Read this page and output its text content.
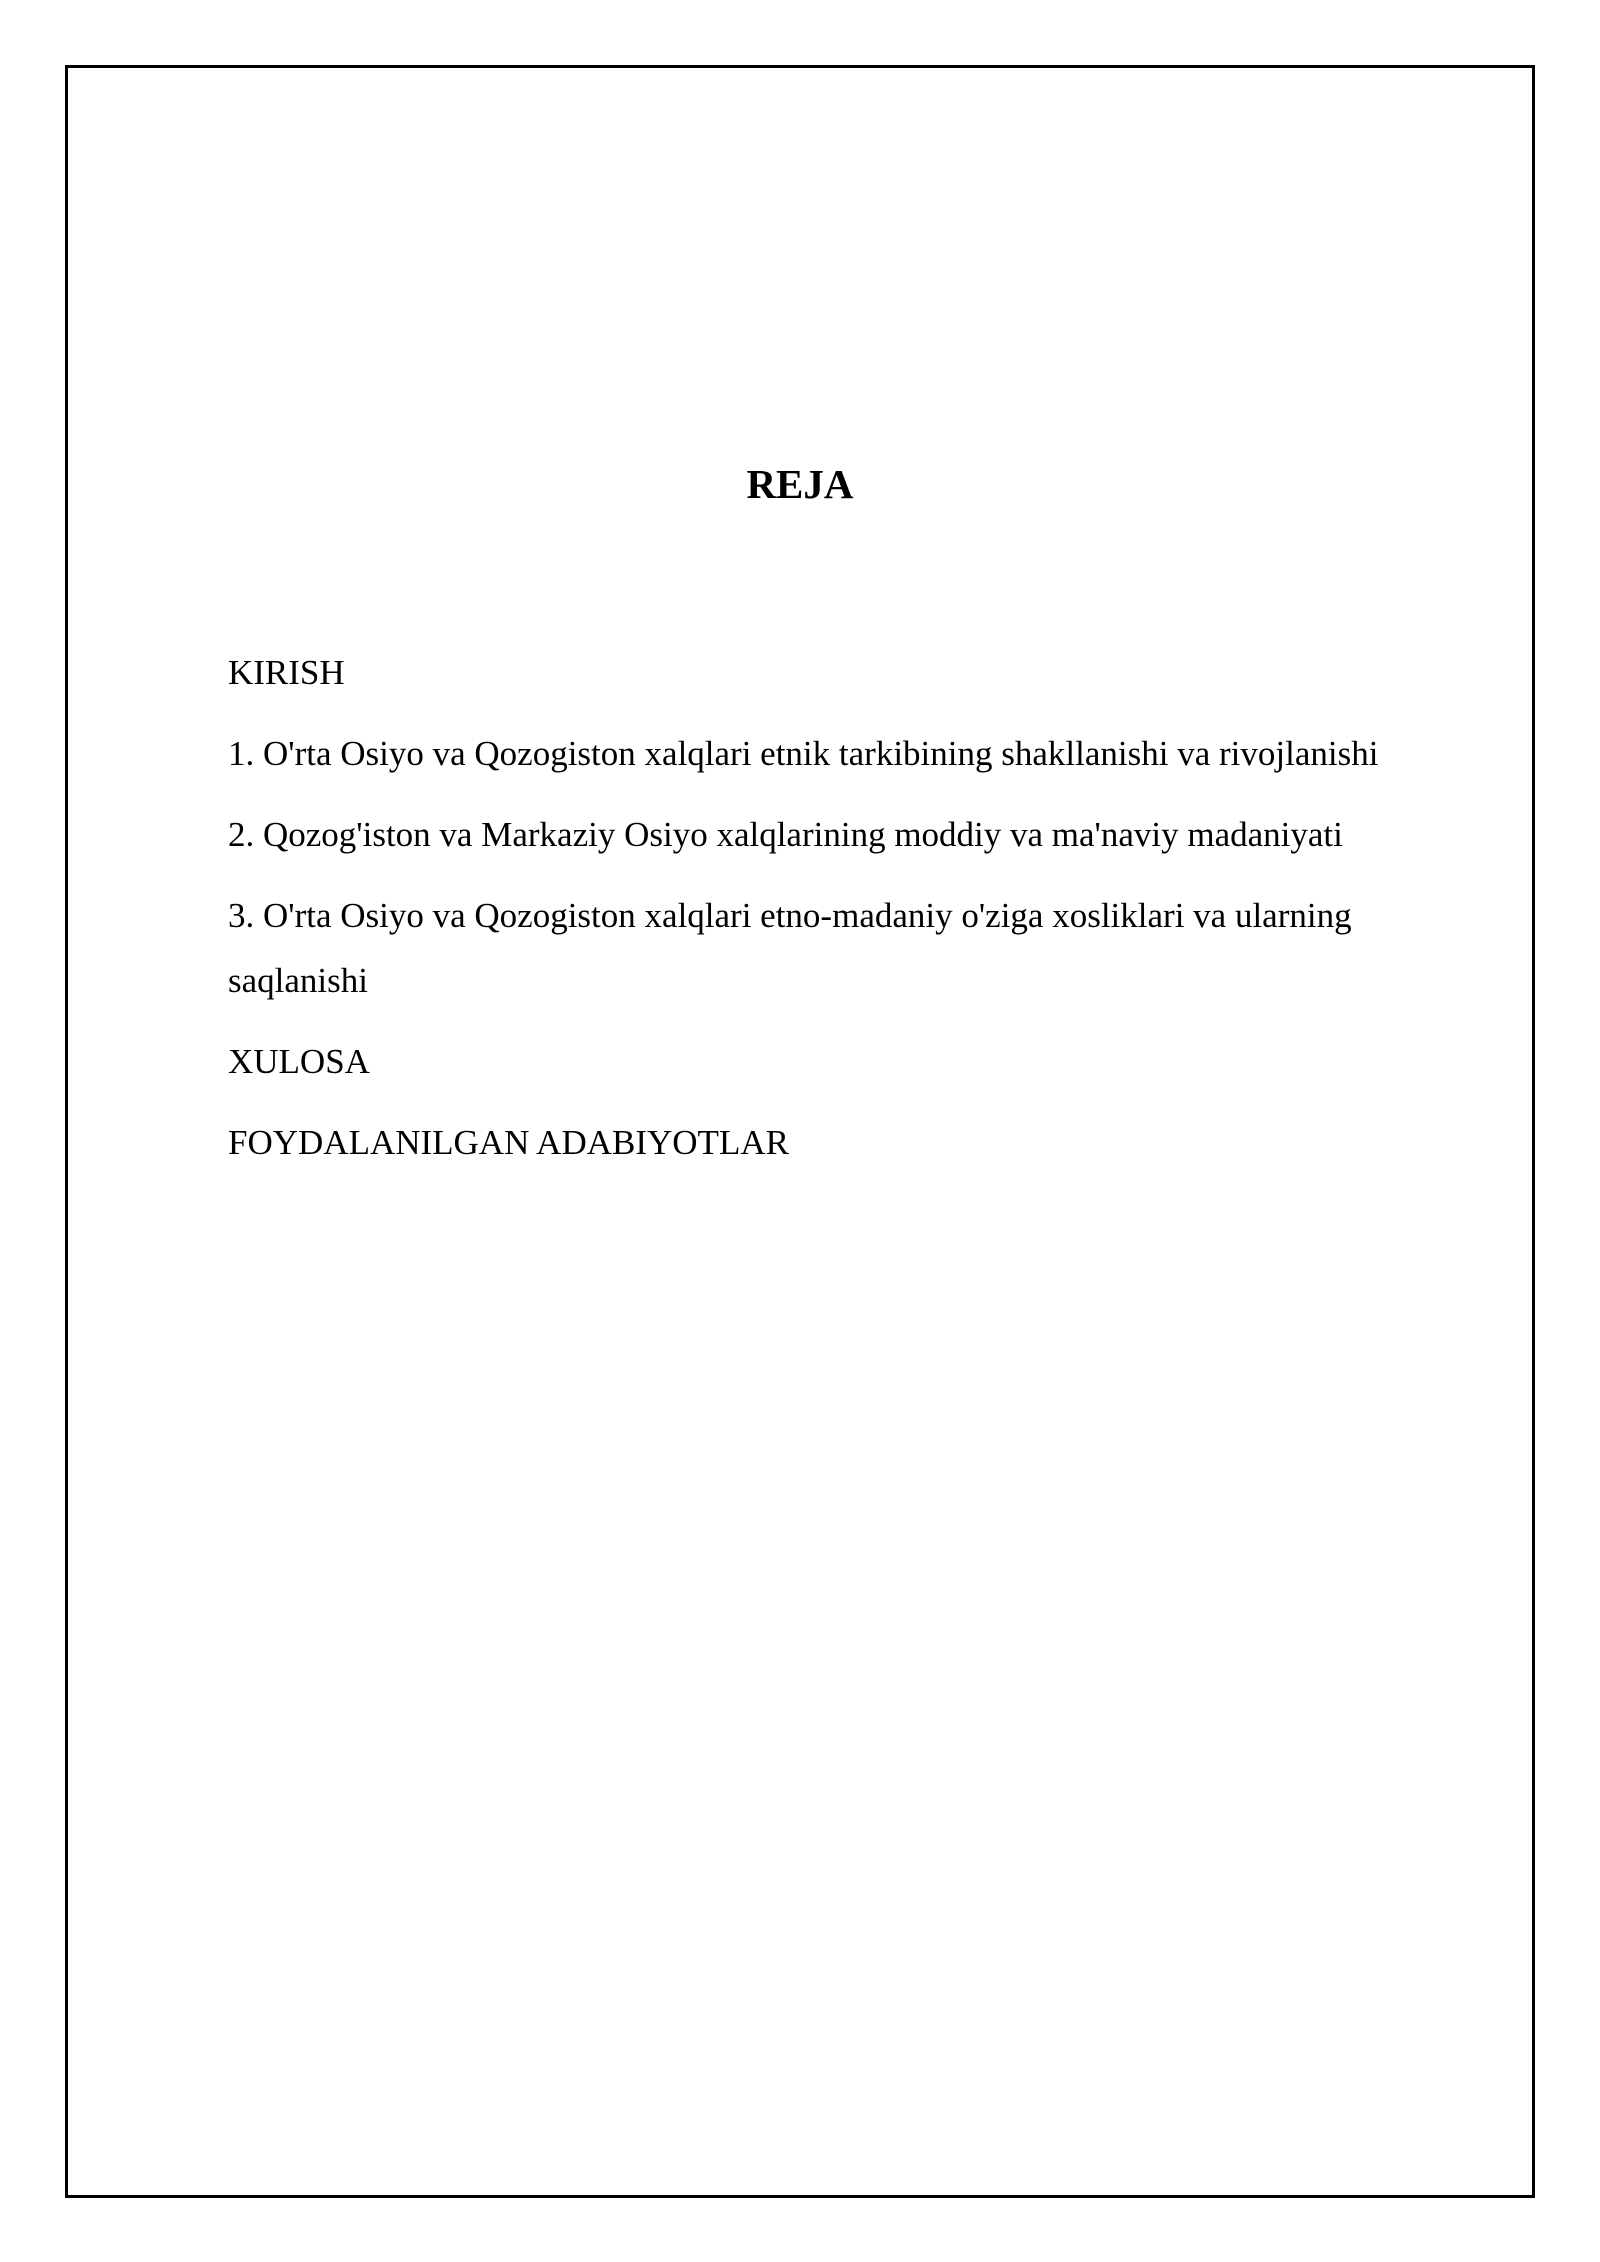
REJA
KIRISH
1. O'rta Osiyo va Qozogiston xalqlari etnik tarkibining shakllanishi va rivojlanishi
2. Qozog'iston va Markaziy Osiyo xalqlarining moddiy va ma'naviy madaniyati
3. O'rta Osiyo va Qozogiston xalqlari etno-madaniy o'ziga xosliklari va ularning saqlanishi
XULOSA
FOYDALANILGAN ADABIYOTLAR
